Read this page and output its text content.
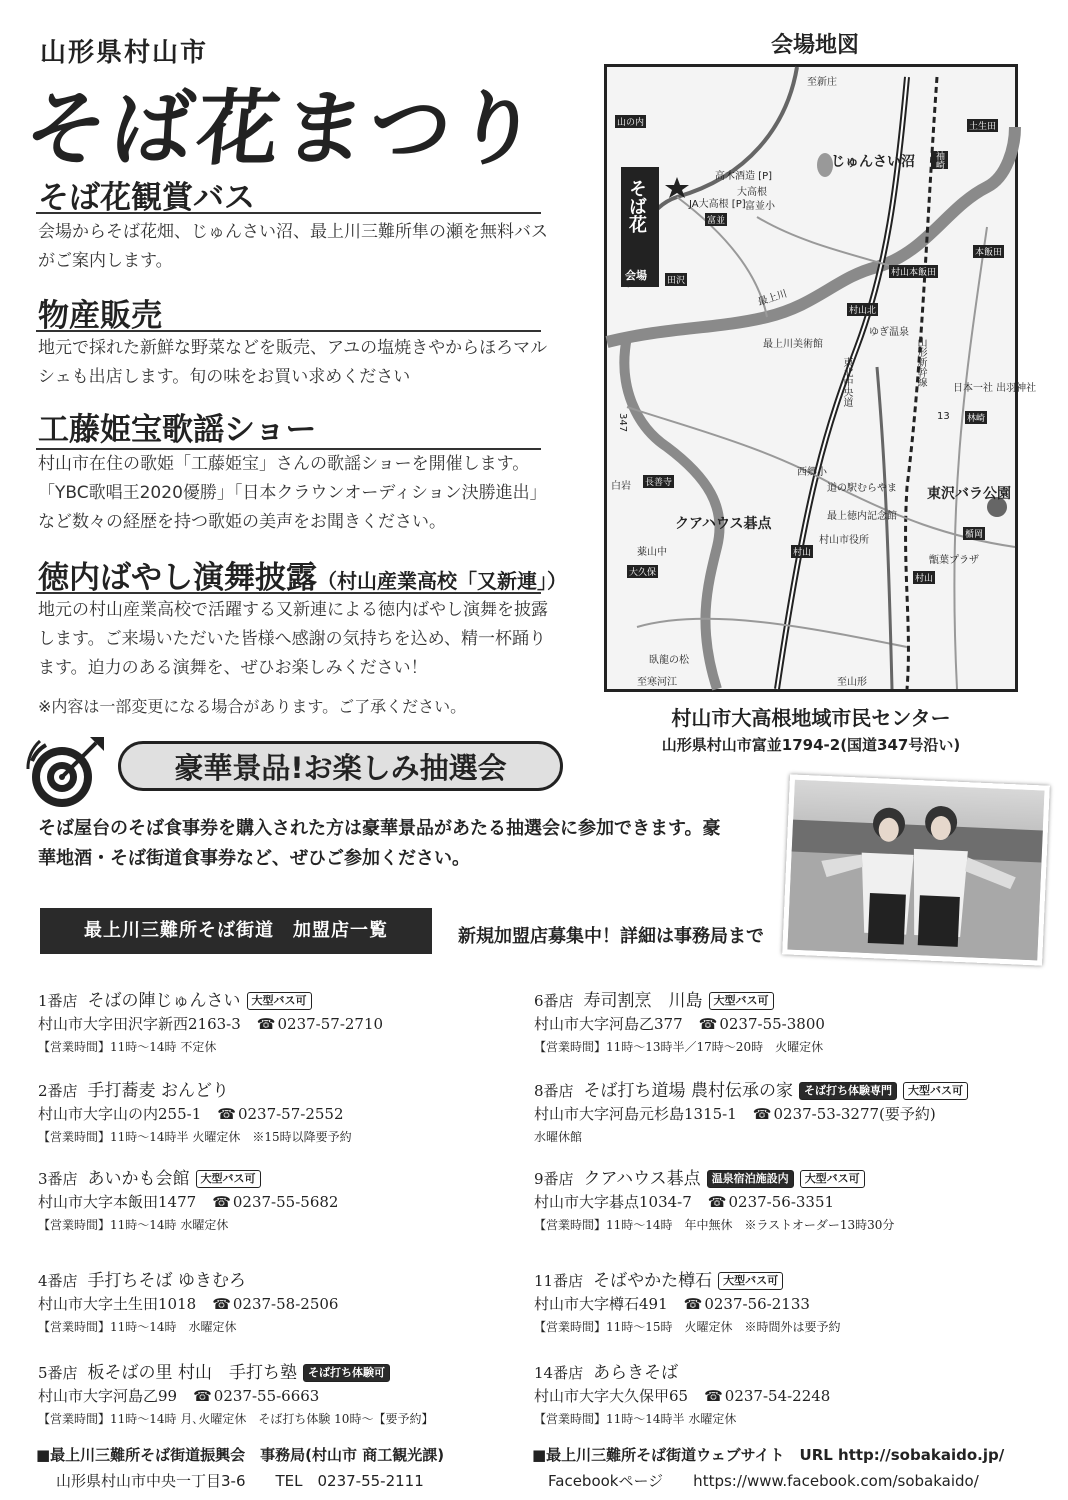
山形県村山市
そば花まつり
そば花観賞バス
会場からそば花畑、じゅんさい沼、最上川三難所隼の瀬を無料バスがご案内します。
物産販売
地元で採れた新鮮な野菜などを販売、アユの塩焼きやからほろマルシェも出店します。旬の味をお買い求めください
工藤姫宝歌謡ショー
村山市在住の歌姫「工藤姫宝」さんの歌謡ショーを開催します。「YBC歌唱王2020優勝」「日本クラウンオーディション決勝進出」など数々の経歴を持つ歌姫の美声をお聞きください。
徳内ばやし演舞披露（村山産業高校「又新連」）
地元の村山産業高校で活躍する又新連による徳内ばやし演舞を披露します。ご来場いただいた皆様へ感謝の気持ちを込め、精一杯踊ります。迫力のある演舞を、ぜひお楽しみください！
※内容は一部変更になる場合があります。ご了承ください。
会場地図
至新庄
山の内
高木酒造 [P]
JA大高根 [P]
大高根
富並小
富並
じゅんさい沼
そば花
会場 田沢
最上川
村山本飯田
村山北
ゆぎ温泉
最上川美術館
東北中央道	山形新幹線
日本一社 出羽神社
林崎
土生田
本飯田
袖崎
347	13
西郷小
道の駅むらやま 東沢バラ公園
最上徳内記念館
クアハウス碁点
村山市役所
甑葉プラザ
村山
村山
長善寺
大久保
白岩
薬山中
楯岡
臥龍の松
至寒河江	至山形
村山市大高根地域市民センター
山形県村山市富並1794-2(国道347号沿い)
豪華景品!お楽しみ抽選会
そば屋台のそば食事券を購入された方は豪華景品があたる抽選会に参加できます。豪華地酒・そば街道食事券など、ぜひご参加ください。
最上川三難所そば街道　加盟店一覧	新規加盟店募集中！詳細は事務局まで
1番店 そばの陣じゅんさい 大型バス可
村山市大字田沢字新西2163-3 ☎ 0237-57-2710
【営業時間】11時～14時 不定休
2番店 手打蕎麦 おんどり
村山市大字山の内255-1 ☎ 0237-57-2552
【営業時間】11時～14時半 火曜定休　※15時以降要予約
3番店 あいかも会館 大型バス可
村山市大字本飯田1477 ☎ 0237-55-5682
【営業時間】11時～14時 水曜定休
4番店 手打ちそば ゆきむろ
村山市大字土生田1018 ☎ 0237-58-2506
【営業時間】11時～14時　水曜定休
5番店 板そばの里 村山　手打ち塾 そば打ち体験可
村山市大字河島乙99 ☎ 0237-55-6663
【営業時間】11時～14時 月､火曜定休　そば打ち体験 10時～【要予約】
6番店 寿司割烹　川島 大型バス可
村山市大字河島乙377 ☎ 0237-55-3800
【営業時間】11時～13時半／17時～20時　火曜定休
8番店 そば打ち道場 農村伝承の家 そば打ち体験専門 大型バス可
村山市大字河島元杉島1315-1 ☎ 0237-53-3277(要予約)
水曜休館
9番店 クアハウス碁点 温泉宿泊施設内 大型バス可
村山市大字碁点1034-7 ☎ 0237-56-3351
【営業時間】11時～14時　年中無休　※ラストオーダー13時30分
11番店 そばやかた樽石 大型バス可
村山市大字樽石491 ☎ 0237-56-2133
【営業時間】11時～15時　火曜定休　※時間外は要予約
14番店 あらきそば
村山市大字大久保甲65 ☎ 0237-54-2248
【営業時間】11時～14時半 水曜定休
■最上川三難所そば街道振興会　事務局(村山市 商工観光課)
山形県村山市中央一丁目3-6　　TEL　0237-55-2111
■最上川三難所そば街道ウェブサイト　URL http://sobakaido.jp/
Facebookページ　　https://www.facebook.com/sobakaido/
